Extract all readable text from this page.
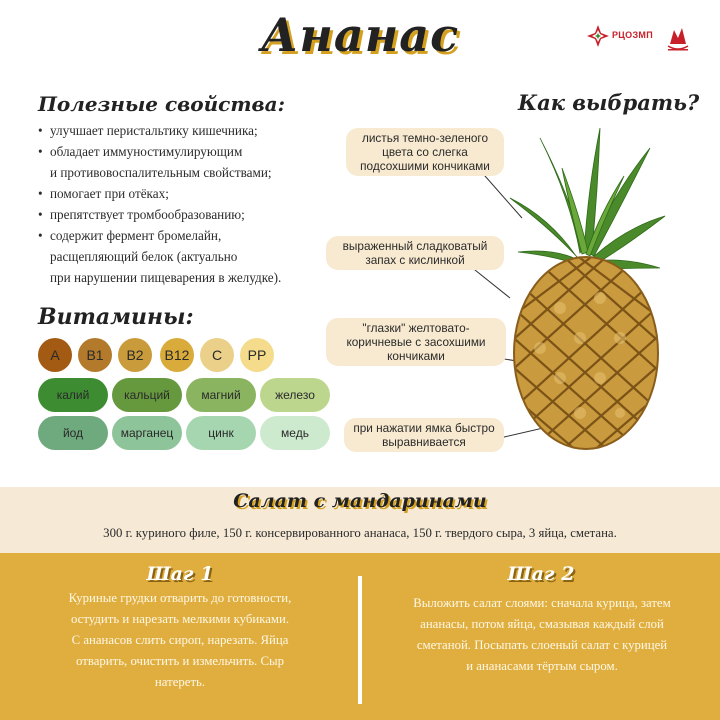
Ананас	РЦОЗМП
Полезные свойства:
• улучшает перистальтику кишечника;
• обладает иммуностимулирующим
и противовоспалительным свойствами;
• помогает при отёках;
• препятствует тромбообразованию;
• содержит фермент бромелайн,
расщепляющий белок (актуально
при нарушении пищеварения в желудке).
Витамины:
A	B1	B2	B12	C	PP
калий	кальций	магний	железо
йод	марганец	цинк	медь
Как выбрать?
листья темно-зеленого цвета со слегка подсохшими кончиками
выраженный сладковатый запах с кислинкой
"глазки" желтовато-коричневые с засохшими кончиками
при нажатии ямка быстро выравнивается
Салат с мандаринами
300 г. куриного филе, 150 г. консервированного ананаса, 150 г. твердого сыра, 3 яйца, сметана.
Шаг 1
Куриные грудки отварить до готовности,
остудить и нарезать мелкими кубиками.
С ананасов слить сироп, нарезать. Яйца
отварить, очистить и измельчить. Сыр
натереть.
Шаг 2
Выложить салат слоями: сначала курица, затем
ананасы, потом яйца, смазывая каждый слой
сметаной. Посыпать слоеный салат с курицей
и ананасами тёртым сыром.
